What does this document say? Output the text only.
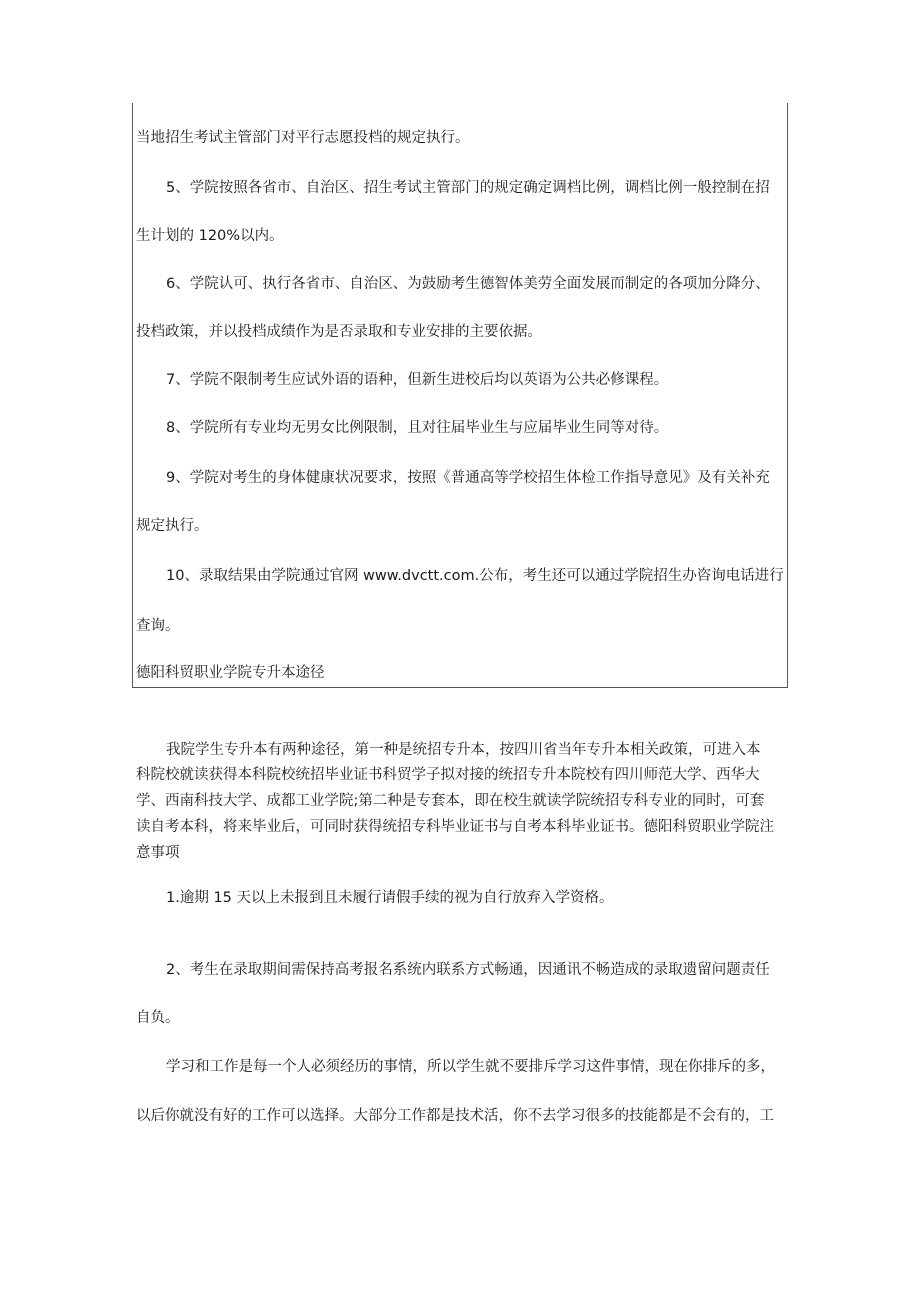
当地招生考试主管部门对平行志愿投档的规定执行。
5、学院按照各省市、自治区、招生考试主管部门的规定确定调档比例，调档比例一般控制在招
生计划的 120%以内。
6、学院认可、执行各省市、自治区、为鼓励考生德智体美劳全面发展而制定的各项加分降分、
投档政策，并以投档成绩作为是否录取和专业安排的主要依据。
7、学院不限制考生应试外语的语种，但新生进校后均以英语为公共必修课程。
8、学院所有专业均无男女比例限制，且对往届毕业生与应届毕业生同等对待。
9、学院对考生的身体健康状况要求，按照《普通高等学校招生体检工作指导意见》及有关补充
规定执行。
10、录取结果由学院通过官网 www.dvctt.com.公布，考生还可以通过学院招生办咨询电话进行
查询。
德阳科贸职业学院专升本途径
我院学生专升本有两种途径，第一种是统招专升本，按四川省当年专升本相关政策，可进入本
科院校就读获得本科院校统招毕业证书科贸学子拟对接的统招专升本院校有四川师范大学、西华大
学、西南科技大学、成都工业学院;第二种是专套本，即在校生就读学院统招专科专业的同时，可套
读自考本科，将来毕业后，可同时获得统招专科毕业证书与自考本科毕业证书。德阳科贸职业学院注
意事项
1.逾期 15 天以上未报到且未履行请假手续的视为自行放弃入学资格。
2、考生在录取期间需保持高考报名系统内联系方式畅通，因通讯不畅造成的录取遗留问题责任
自负。
学习和工作是每一个人必须经历的事情，所以学生就不要排斥学习这件事情，现在你排斥的多，
以后你就没有好的工作可以选择。大部分工作都是技术活，你不去学习很多的技能都是不会有的，工
